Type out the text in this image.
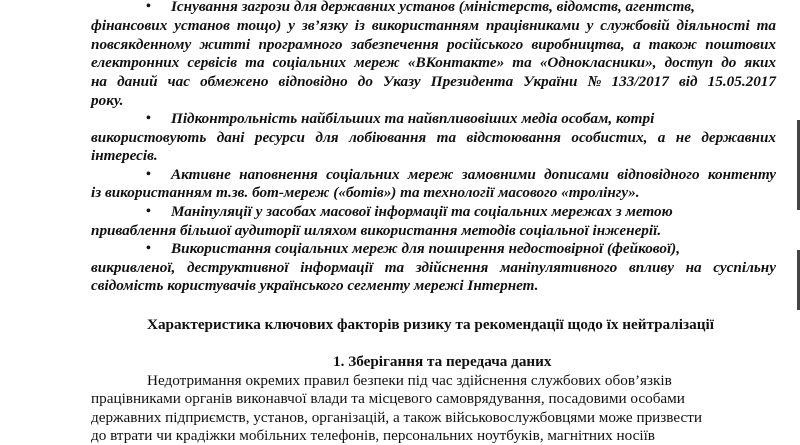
• Існування загрози для державних установ (міністерств, відомств, агентств,

фінансових установ тощо) у зв’язку із використанням працівниками у службовій діяльності та

повсякденному житті програмного забезпечення російського виробництва, а також поштових

електронних сервісів та соціальних мереж «ВКонтакте» та «Однокласники», доступ до яких

на даний час обмежено відповідно до Указу Президента України № 133/2017 від 15.05.2017

року.

• Підконтрольність найбільших та найвпливовіших медіа особам, котрі

використовують дані ресурси для лобіювання та відстоювання особистих, а не державних

інтересів.

• Активне наповнення соціальних мереж замовними дописами відповідного контенту

із використанням т.зв. бот-мереж («ботів») та технології масового «тролінгу».

• Маніпуляції у засобах масової інформації та соціальних мережах з метою

приваблення більшої аудиторії шляхом використання методів соціальної інженерії.

• Використання соціальних мереж для поширення недостовірної (фейкової),

викривленої, деструктивної інформації та здійснення маніпулятивного впливу на суспільну

свідомість користувачів українського сегменту мережі Інтернет.

Характеристика ключових факторів ризику та рекомендації щодо їх нейтралізації

1. Зберігання та передача даних

Недотримання окремих правил безпеки під час здійснення службових обов’язків

працівниками органів виконавчої влади та місцевого самоврядування, посадовими особами

державних підприємств, установ, організацій, а також військовослужбовцями може призвести

до втрати чи крадіжки мобільних телефонів, персональних ноутбуків, магнітних носіїв
